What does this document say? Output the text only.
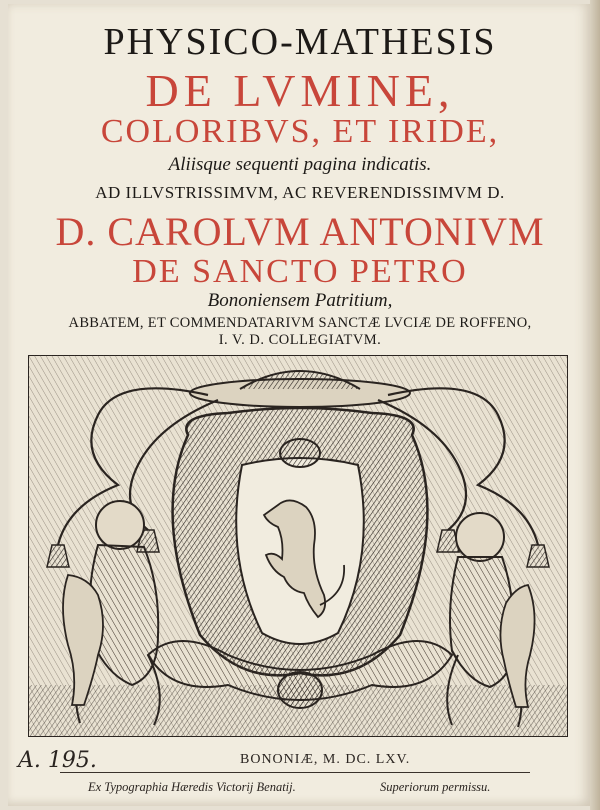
PHYSICO-MATHESIS
DE LVMINE,
COLORIBVS, ET IRIDE,
Aliisque sequenti pagina indicatis.
AD ILLVSTRISSIMVM, AC REVERENDISSIMVM D.
D. CAROLVM ANTONIVM
DE SANCTO PETRO
Bononiensem Patritium,
ABBATEM, ET COMMENDATARIVM SANCTÆ LVCIÆ DE ROFFENO,
I. V. D. COLLEGIATVM.
A. 195.	BONONIÆ, M. DC. LXV.
Ex Typographia Hæredis Victorij Benatij.	Superiorum permissu.
